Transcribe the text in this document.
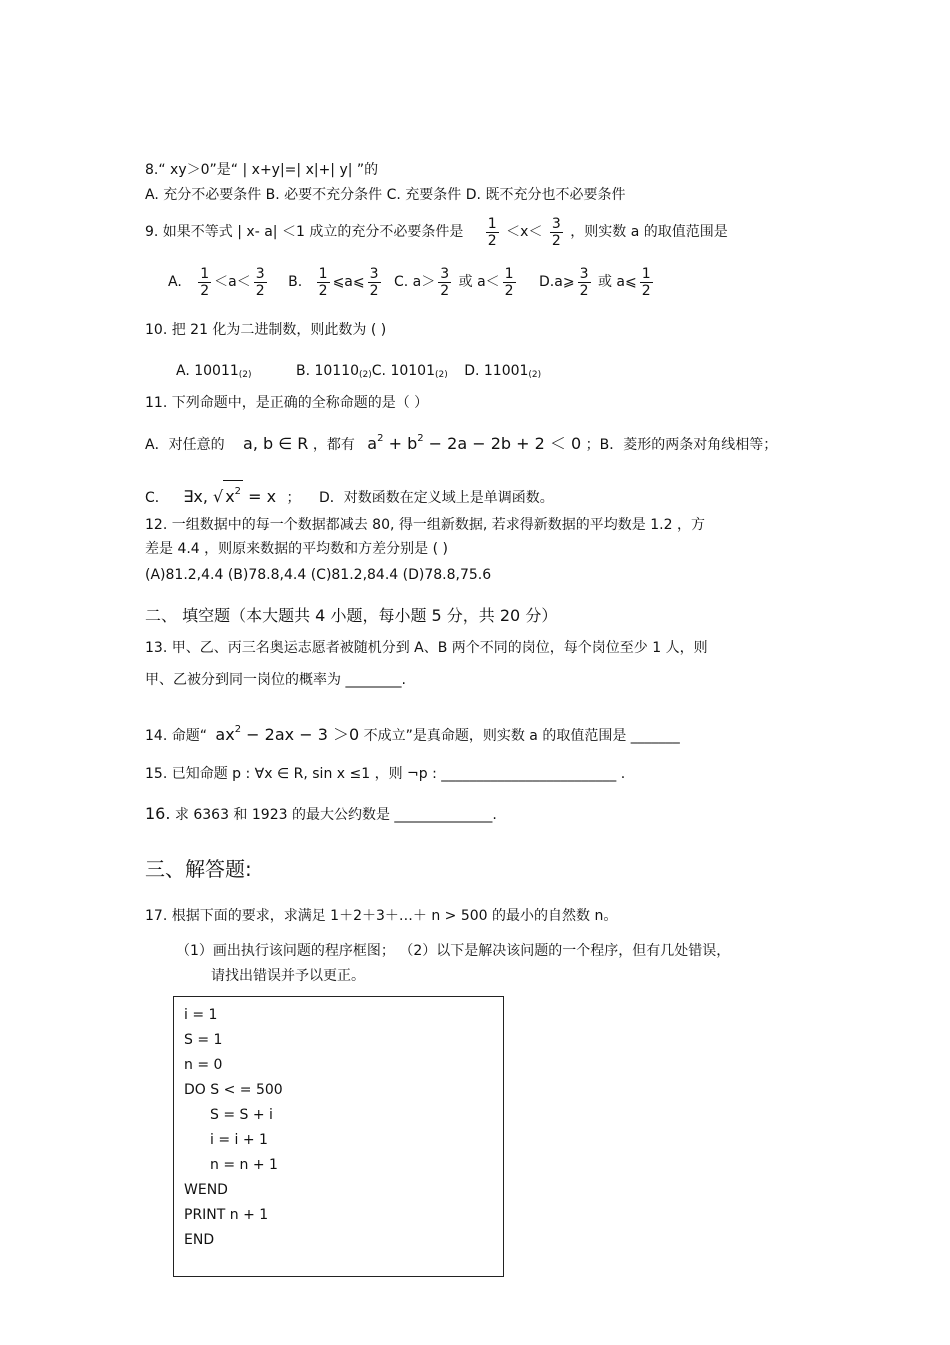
8.“ xy＞0”是“ | x+y|=| x|+| y| ”的
A. 充分不必要条件 B. 必要不充分条件 C. 充要条件 D. 既不充分也不必要条件
9. 如果不等式 | x- a| ＜1 成立的充分不必要条件是 $\frac{1}{2} <x< \frac{3}{2}$ ，则实数 a 的取值范围是
A. $\frac{1}{2} <a< \frac{3}{2} B$. $\frac{1}{2}$ ⩽a⩽ $\frac{3}{2} C$. $a> \frac{3}{2}$ 或 $a< \frac{1}{2}$ D.a⩾ $\frac{3}{2}$ 或 a⩽ $\frac{1}{2}$
10. 把 21 化为二进制数，则此数为 ( )
A. $10011_{(2)}$	B. $10110_{(2)}C$. $10101_{(2)}$ D. $11001_{(2)}$
11. 下列命题中，是正确的全称命题的是（ ）
A．对任意的 a, b ∈ R ，都有 $a^2 + b^2 - 2a - 2b + 2 < 0$ ；B．菱形的两条对角线相等；
C． ∃x, √ $x^2 = x$ ； D．对数函数在定义域上是单调函数。
12. 一组数据中的每一个数据都减去 80, 得一组新数据, 若求得新数据的平均数是 1.2 ，方
差是 4.4 ，则原来数据的平均数和方差分别是 ( )
(A)81.2,4.4 (B)78.8,4.4 (C)81.2,84.4 (D)78.8,75.6
二、 填空题（本大题共 4 小题，每小题 5 分，共 20 分）
13. 甲、乙、丙三名奥运志愿者被随机分到 A、B 两个不同的岗位，每个岗位至少 1 人，则
甲、乙被分到同一岗位的概率为 ________.
14. 命题“ $ax^2 - 2ax - 3 >0$ 不成立”是真命题，则实数 a 的取值范围是 _______
15. 已知命题 p : ∀x ∈ R, sin x ≤1 ，则 ¬p : _________________________ .
16. 求 6363 和 1923 的最大公约数是 ______________.
三、解答题:
17. 根据下面的要求，求满足 1＋2＋3＋…＋ n > 500 的最小的自然数 n。
（1）画出执行该问题的程序框图； （2）以下是解决该问题的一个程序，但有几处错误，
请找出错误并予以更正。
i = 1
S = 1
n = 0
DO S < = 500
S = S + i
i = i + 1
n = n + 1
WEND
PRINT n + 1
END
